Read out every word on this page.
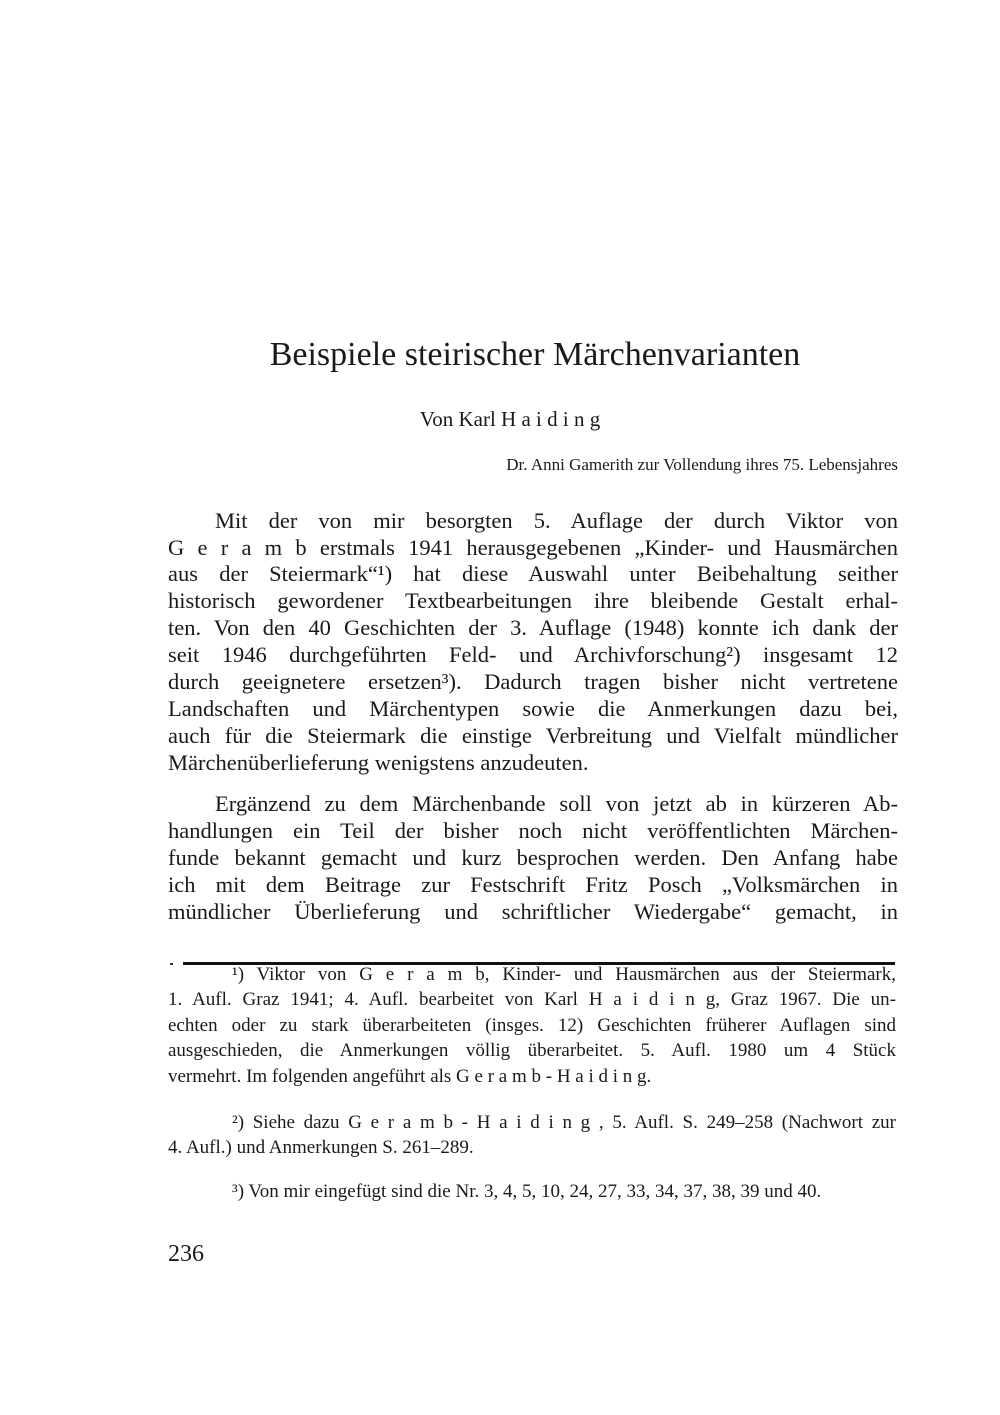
Beispiele steirischer Märchenvarianten
Von Karl H a i d i n g
Dr. Anni Gamerith zur Vollendung ihres 75. Lebensjahres
Mit der von mir besorgten 5. Auflage der durch Viktor von
G e r a m b erstmals 1941 herausgegebenen „Kinder- und Hausmärchen
aus der Steiermark“¹) hat diese Auswahl unter Beibehaltung seither
historisch gewordener Textbearbeitungen ihre bleibende Gestalt erhal-
ten. Von den 40 Geschichten der 3. Auflage (1948) konnte ich dank der
seit 1946 durchgeführten Feld- und Archivforschung²) insgesamt 12
durch geeignetere ersetzen³). Dadurch tragen bisher nicht vertretene
Landschaften und Märchentypen sowie die Anmerkungen dazu bei,
auch für die Steiermark die einstige Verbreitung und Vielfalt mündlicher
Märchenüberlieferung wenigstens anzudeuten.
Ergänzend zu dem Märchenbande soll von jetzt ab in kürzeren Ab-
handlungen ein Teil der bisher noch nicht veröffentlichten Märchen-
funde bekannt gemacht und kurz besprochen werden. Den Anfang habe
ich mit dem Beitrage zur Festschrift Fritz Posch „Volksmärchen in
mündlicher Überlieferung und schriftlicher Wiedergabe“ gemacht, in
¹) Viktor von G e r a m b, Kinder- und Hausmärchen aus der Steiermark,
1. Aufl. Graz 1941; 4. Aufl. bearbeitet von Karl H a i d i n g, Graz 1967. Die un-
echten oder zu stark überarbeiteten (insges. 12) Geschichten früherer Auflagen sind
ausgeschieden, die Anmerkungen völlig überarbeitet. 5. Aufl. 1980 um 4 Stück
vermehrt. Im folgenden angeführt als G e r a m b - H a i d i n g.
²) Siehe dazu G e r a m b - H a i d i n g , 5. Aufl. S. 249–258 (Nachwort zur
4. Aufl.) und Anmerkungen S. 261–289.
³) Von mir eingefügt sind die Nr. 3, 4, 5, 10, 24, 27, 33, 34, 37, 38, 39 und 40.
236
